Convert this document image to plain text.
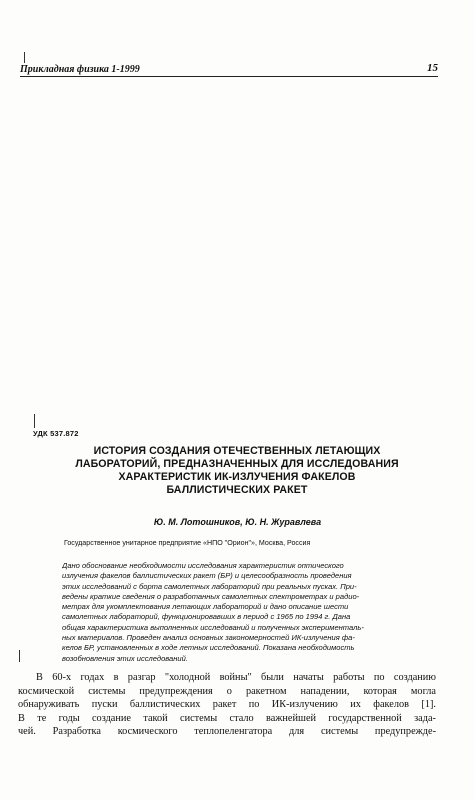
Прикладная физика 1-1999	15
УДК 537.872
ИСТОРИЯ СОЗДАНИЯ ОТЕЧЕСТВЕННЫХ ЛЕТАЮЩИХ
ЛАБОРАТОРИЙ, ПРЕДНАЗНАЧЕННЫХ ДЛЯ ИССЛЕДОВАНИЯ
ХАРАКТЕРИСТИК ИК-ИЗЛУЧЕНИЯ ФАКЕЛОВ
БАЛЛИСТИЧЕСКИХ РАКЕТ
Ю. М. Лотошников, Ю. Н. Журавлева
Государственное унитарное предприятие «НПО "Орион"», Москва, Россия
Дано обоснование необходимости исследования характеристик оптического
излучения факелов баллистических ракет (БР) и целесообразность проведения
этих исследований с борта самолетных лабораторий при реальных пусках. При-
ведены краткие сведения о разработанных самолетных спектрометрах и радио-
метрах для укомплектования летающих лабораторий и дано описание шести
самолетных лабораторий, функционировавших в период с 1965 по 1994 г. Дана
общая характеристика выполненных исследований и полученных эксперименталь-
ных материалов. Проведен анализ основных закономерностей ИК-излучения фа-
келов БР, установленных в ходе летных исследований. Показана необходимость
возобновления этих исследований.
В 60-х годах в разгар "холодной войны" были начаты работы по созданию
космической системы предупреждения о ракетном нападении, которая могла
обнаруживать пуски баллистических ракет по ИК-излучению их факелов [1].
В те годы создание такой системы стало важнейшей государственной зада-
чей. Разработка космического теплопеленгатора для системы предупрежде-
